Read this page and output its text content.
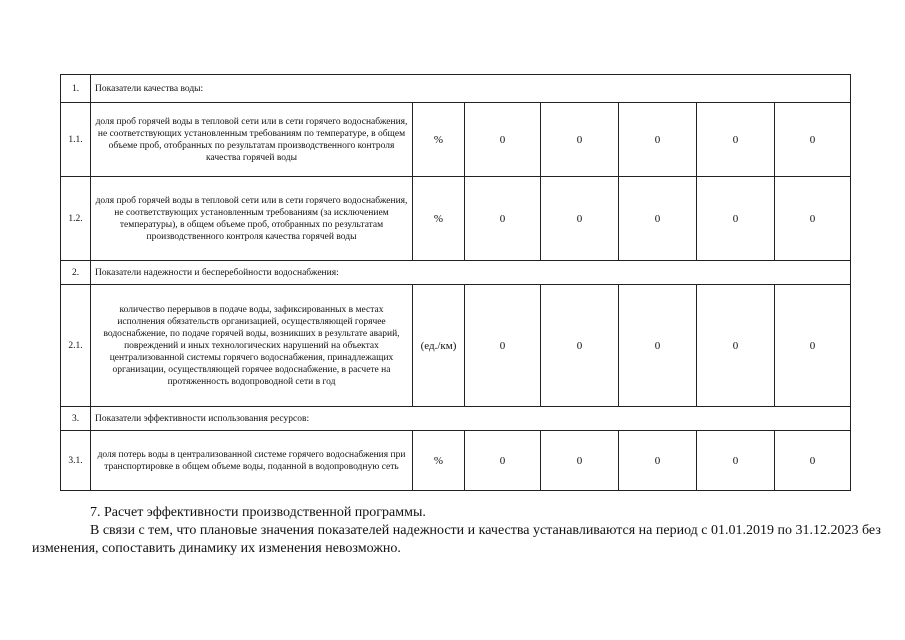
1.	Показатели качества воды:						
1.1.	доля проб горячей воды в тепловой сети или в сети горячего водоснабжения, не соответствующих установленным требованиям по температуре, в общем объеме проб, отобранных по результатам производственного контроля качества горячей воды	%	0	0	0	0	0
1.2.	доля проб горячей воды в тепловой сети или в сети горячего водоснабжения, не соответствующих установленным требованиям (за исключением температуры), в общем объеме проб, отобранных по результатам производственного контроля качества горячей воды	%	0	0	0	0	0
2.	Показатели надежности и бесперебойности водоснабжения:						
2.1.	количество перерывов в подаче воды, зафиксированных в местах исполнения обязательств организацией, осуществляющей горячее водоснабжение, по подаче горячей воды, возникших в результате аварий, повреждений и иных технологических нарушений на объектах централизованной системы горячего водоснабжения, принадлежащих организации, осуществляющей горячее водоснабжение, в расчете на протяженность водопроводной сети в год	(ед./км)	0	0	0	0	0
3.	Показатели эффективности использования ресурсов:						
3.1.	доля потерь воды в централизованной системе горячего водоснабжения при транспортировке в общем объеме воды, поданной в водопроводную сеть	%	0	0	0	0	0
7. Расчет эффективности производственной программы.
В связи с тем, что плановые значения показателей надежности и качества устанавливаются на период с 01.01.2019 по 31.12.2023 без изменения, сопоставить динамику их изменения невозможно.
